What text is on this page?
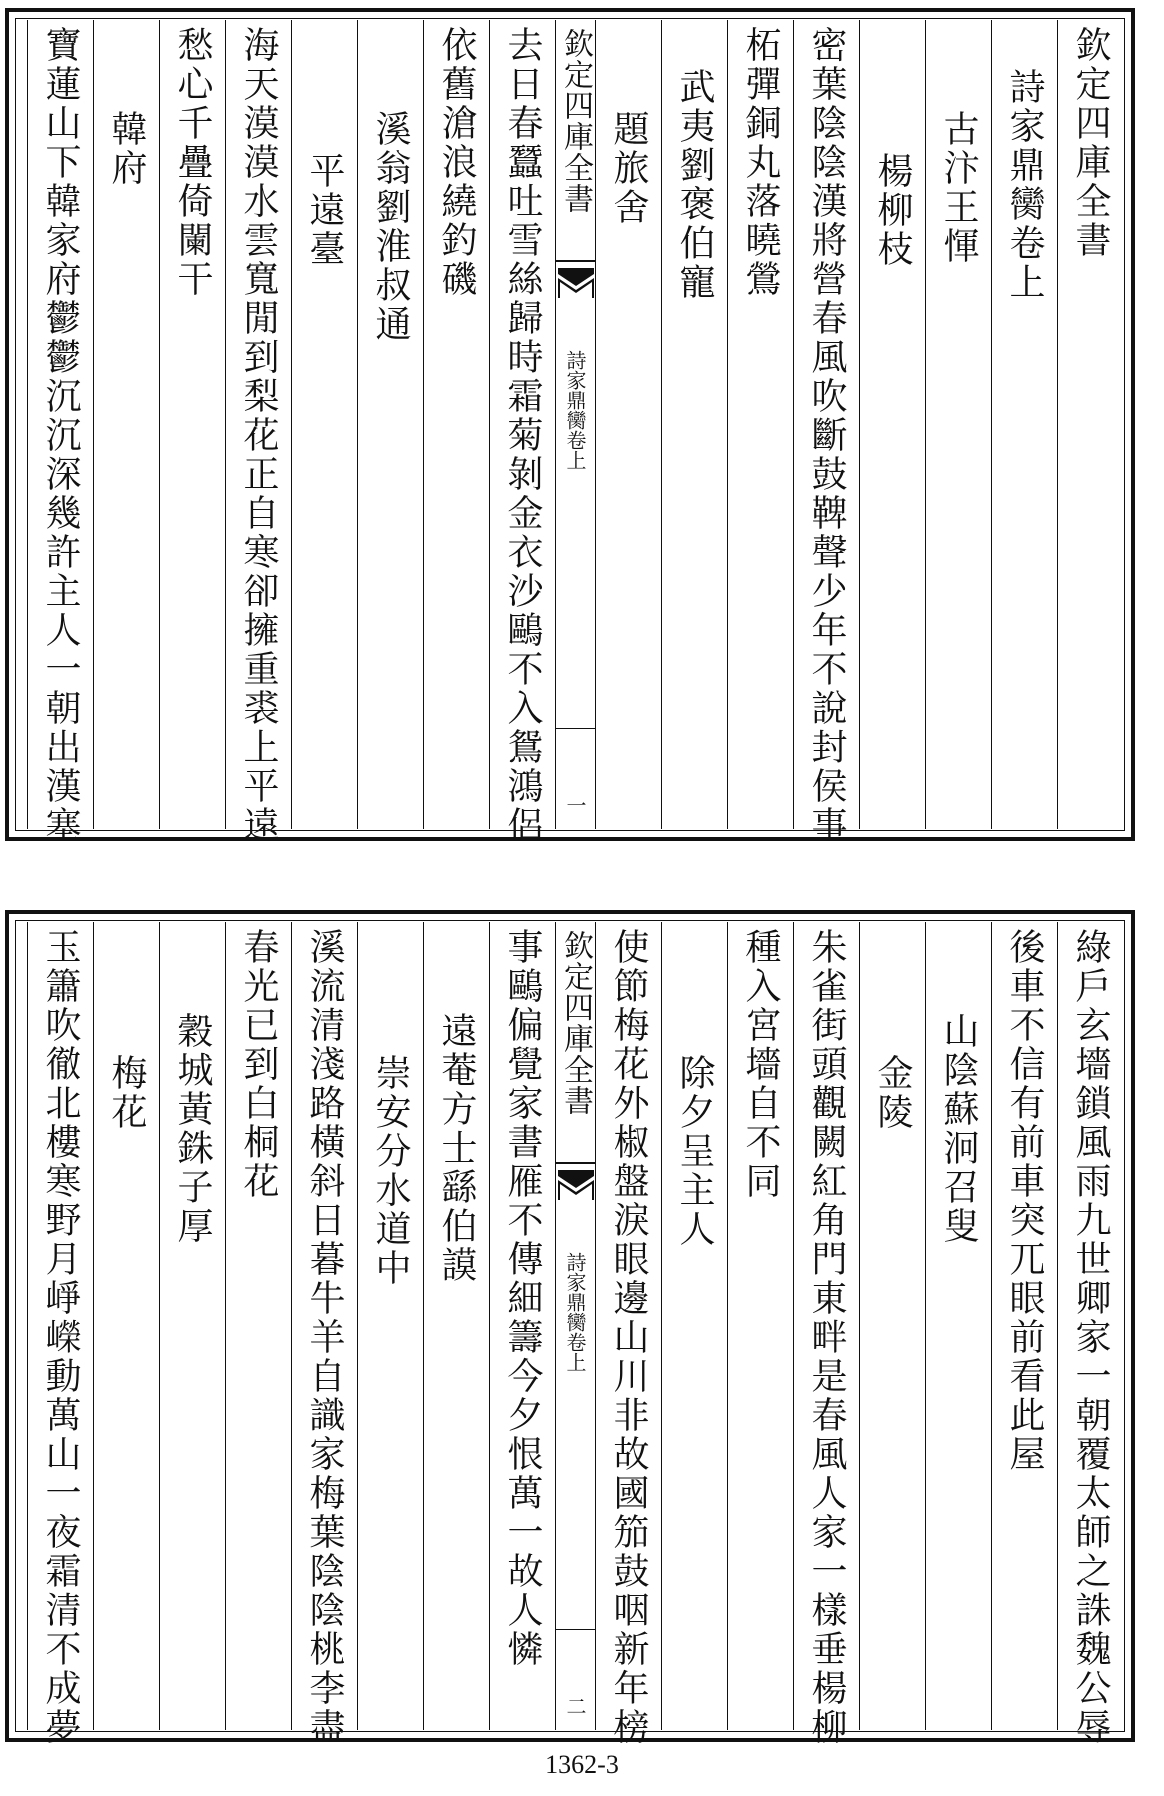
欽定四庫全書
詩家鼎臠卷上
古汴王惲
楊柳枝
密葉陰陰漢將營春風吹斷鼓鞞聲少年不說封侯事
柘彈銅丸落曉鶯
武夷劉褒伯寵
題旅舍
欽定四庫全書
詩家鼎臠卷上
一
去日春蠶吐雪絲歸時霜菊剝金衣沙鷗不入鴛鴻侶
依舊滄浪繞釣磯
溪翁劉淮叔通
平遠臺
海天漠漠水雲寬閒到梨花正自寒卻擁重裘上平遠
愁心千疊倚闌干
韓府
寶蓮山下韓家府鬱鬱沉沉深幾許主人一朝出漢塞
綠戶玄墻鎖風雨九世卿家一朝覆太師之誅魏公辱
後車不信有前車突兀眼前看此屋
山陰蘇泂召叟
金陵
朱雀街頭觀闕紅角門東畔是春風人家一樣垂楊柳
種入宮墻自不同
除夕呈主人
使節梅花外椒盤淚眼邊山川非故國笳鼓咽新年榜
欽定四庫全書
詩家鼎臠卷上
二
事鷗偏覺家書雁不傳細籌今夕恨萬一故人憐
遠菴方士繇伯謨
崇安分水道中
溪流清淺路橫斜日暮牛羊自識家梅葉陰陰桃李盡
春光已到白桐花
穀城黃銖子厚
梅花
玉簫吹徹北樓寒野月崢嶸動萬山一夜霜清不成夢
1362-3
